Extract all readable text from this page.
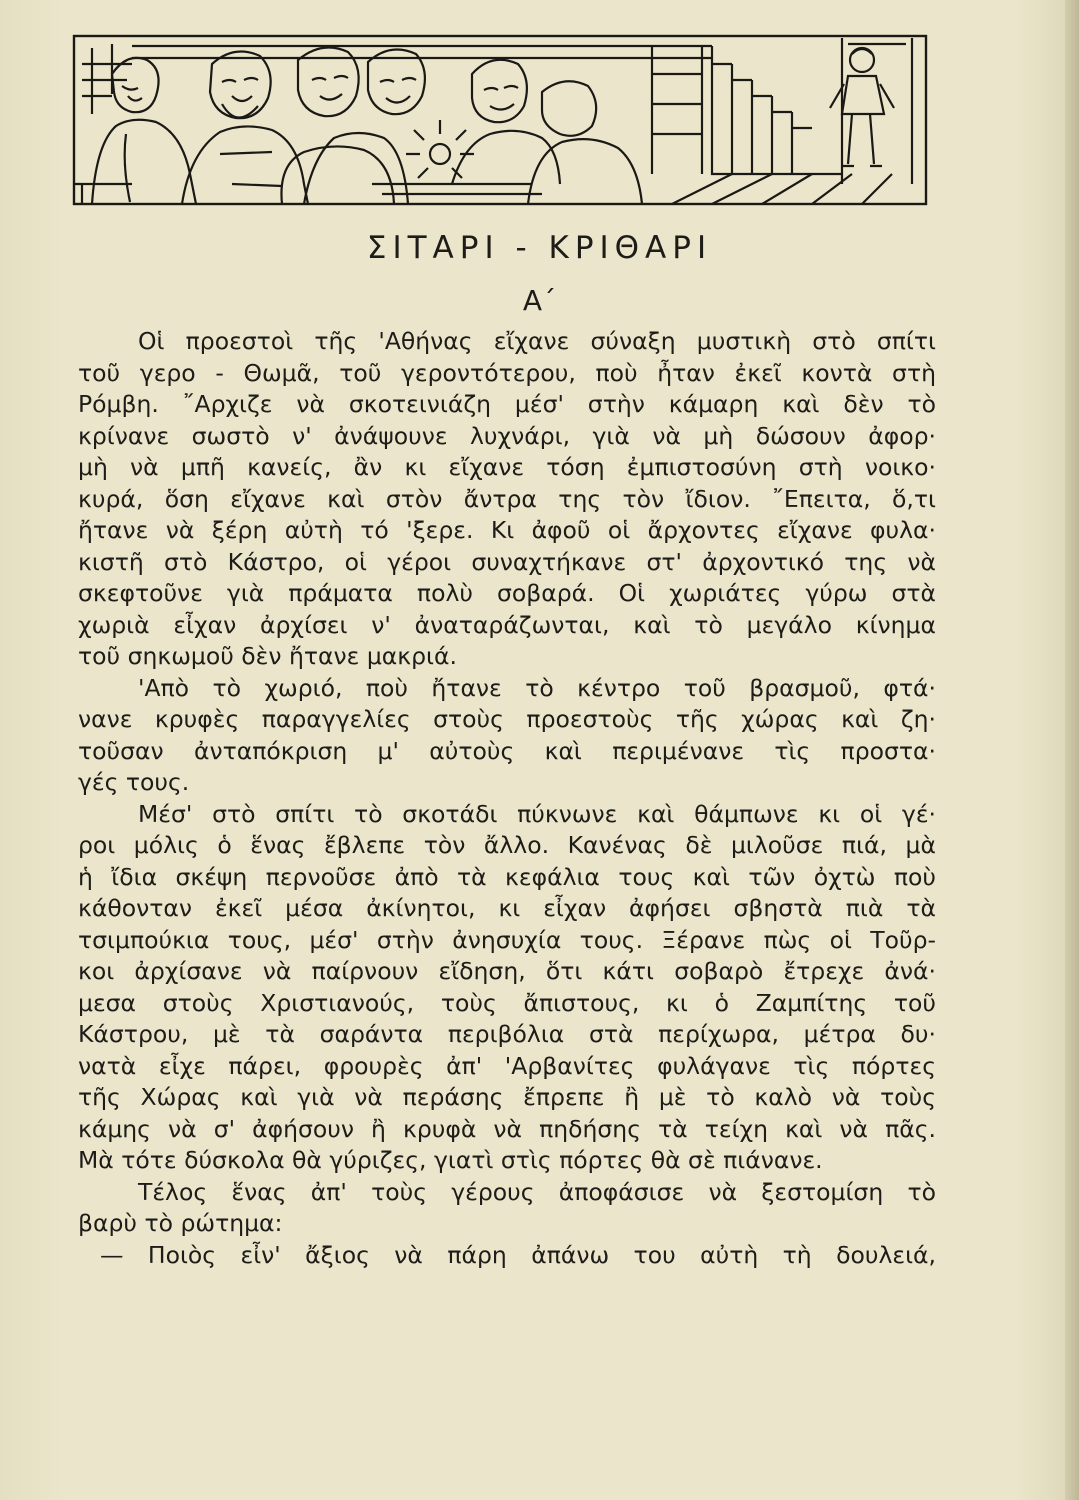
ΣΙΤΑΡΙ - ΚΡΙΘΑΡΙ
Α΄
Οἱ προεστοὶ τῆς 'Αθήνας εἴχανε σύναξη μυστικὴ στὸ σπίτι
τοῦ γερο - Θωμᾶ, τοῦ γεροντότερου, ποὺ ἦταν ἐκεῖ κοντὰ στὴ
Ρόμβη. ῎Αρχιζε νὰ σκοτεινιάζη μέσ' στὴν κάμαρη καὶ δὲν τὸ
κρίνανε σωστὸ ν' ἀνάψουνε λυχνάρι, γιὰ νὰ μὴ δώσουν ἀφορ·
μὴ νὰ μπῆ κανείς, ἂν κι εἴχανε τόση ἐμπιστοσύνη στὴ νοικο·
κυρά, ὅση εἴχανε καὶ στὸν ἄντρα της τὸν ἴδιον. ῎Επειτα, ὅ,τι
ἤτανε νὰ ξέρη αὐτὴ τό 'ξερε. Κι ἀφοῦ οἱ ἄρχοντες εἴχανε φυλα·
κιστῆ στὸ Κάστρο, οἱ γέροι συναχτήκανε στ' ἀρχοντικό της νὰ
σκεφτοῦνε γιὰ πράματα πολὺ σοβαρά. Οἱ χωριάτες γύρω στὰ
χωριὰ εἶχαν ἀρχίσει ν' ἀναταράζωνται, καὶ τὸ μεγάλο κίνημα
τοῦ σηκωμοῦ δὲν ἤτανε μακριά.
'Απὸ τὸ χωριό, ποὺ ἤτανε τὸ κέντρο τοῦ βρασμοῦ, φτά·
νανε κρυφὲς παραγγελίες στοὺς προεστοὺς τῆς χώρας καὶ ζη·
τοῦσαν ἀνταπόκριση μ' αὐτοὺς καὶ περιμένανε τὶς προστα·
γές τους.
Μέσ' στὸ σπίτι τὸ σκοτάδι πύκνωνε καὶ θάμπωνε κι οἱ γέ·
ροι μόλις ὁ ἕνας ἔβλεπε τὸν ἄλλο. Κανένας δὲ μιλοῦσε πιά, μὰ
ἡ ἴδια σκέψη περνοῦσε ἀπὸ τὰ κεφάλια τους καὶ τῶν ὀχτὼ ποὺ
κάθονταν ἐκεῖ μέσα ἀκίνητοι, κι εἶχαν ἀφήσει σβηστὰ πιὰ τὰ
τσιμπούκια τους, μέσ' στὴν ἀνησυχία τους. Ξέρανε πὼς οἱ Τοῦρ-
κοι ἀρχίσανε νὰ παίρνουν εἴδηση, ὅτι κάτι σοβαρὸ ἔτρεχε ἀνά·
μεσα στοὺς Χριστιανούς, τοὺς ἄπιστους, κι ὁ Ζαμπίτης τοῦ
Κάστρου, μὲ τὰ σαράντα περιβόλια στὰ περίχωρα, μέτρα δυ·
νατὰ εἶχε πάρει, φρουρὲς ἀπ' 'Αρβανίτες φυλάγανε τὶς πόρτες
τῆς Χώρας καὶ γιὰ νὰ περάσης ἔπρεπε ἢ μὲ τὸ καλὸ νὰ τοὺς
κάμης νὰ σ' ἀφήσουν ἢ κρυφὰ νὰ πηδήσης τὰ τείχη καὶ νὰ πᾶς.
Μὰ τότε δύσκολα θὰ γύριζες, γιατὶ στὶς πόρτες θὰ σὲ πιάνανε.
Τέλος ἕνας ἀπ' τοὺς γέρους ἀποφάσισε νὰ ξεστομίση τὸ
βαρὺ τὸ ρώτημα:
— Ποιὸς εἶν' ἄξιος νὰ πάρη ἀπάνω του αὐτὴ τὴ δουλειά,
